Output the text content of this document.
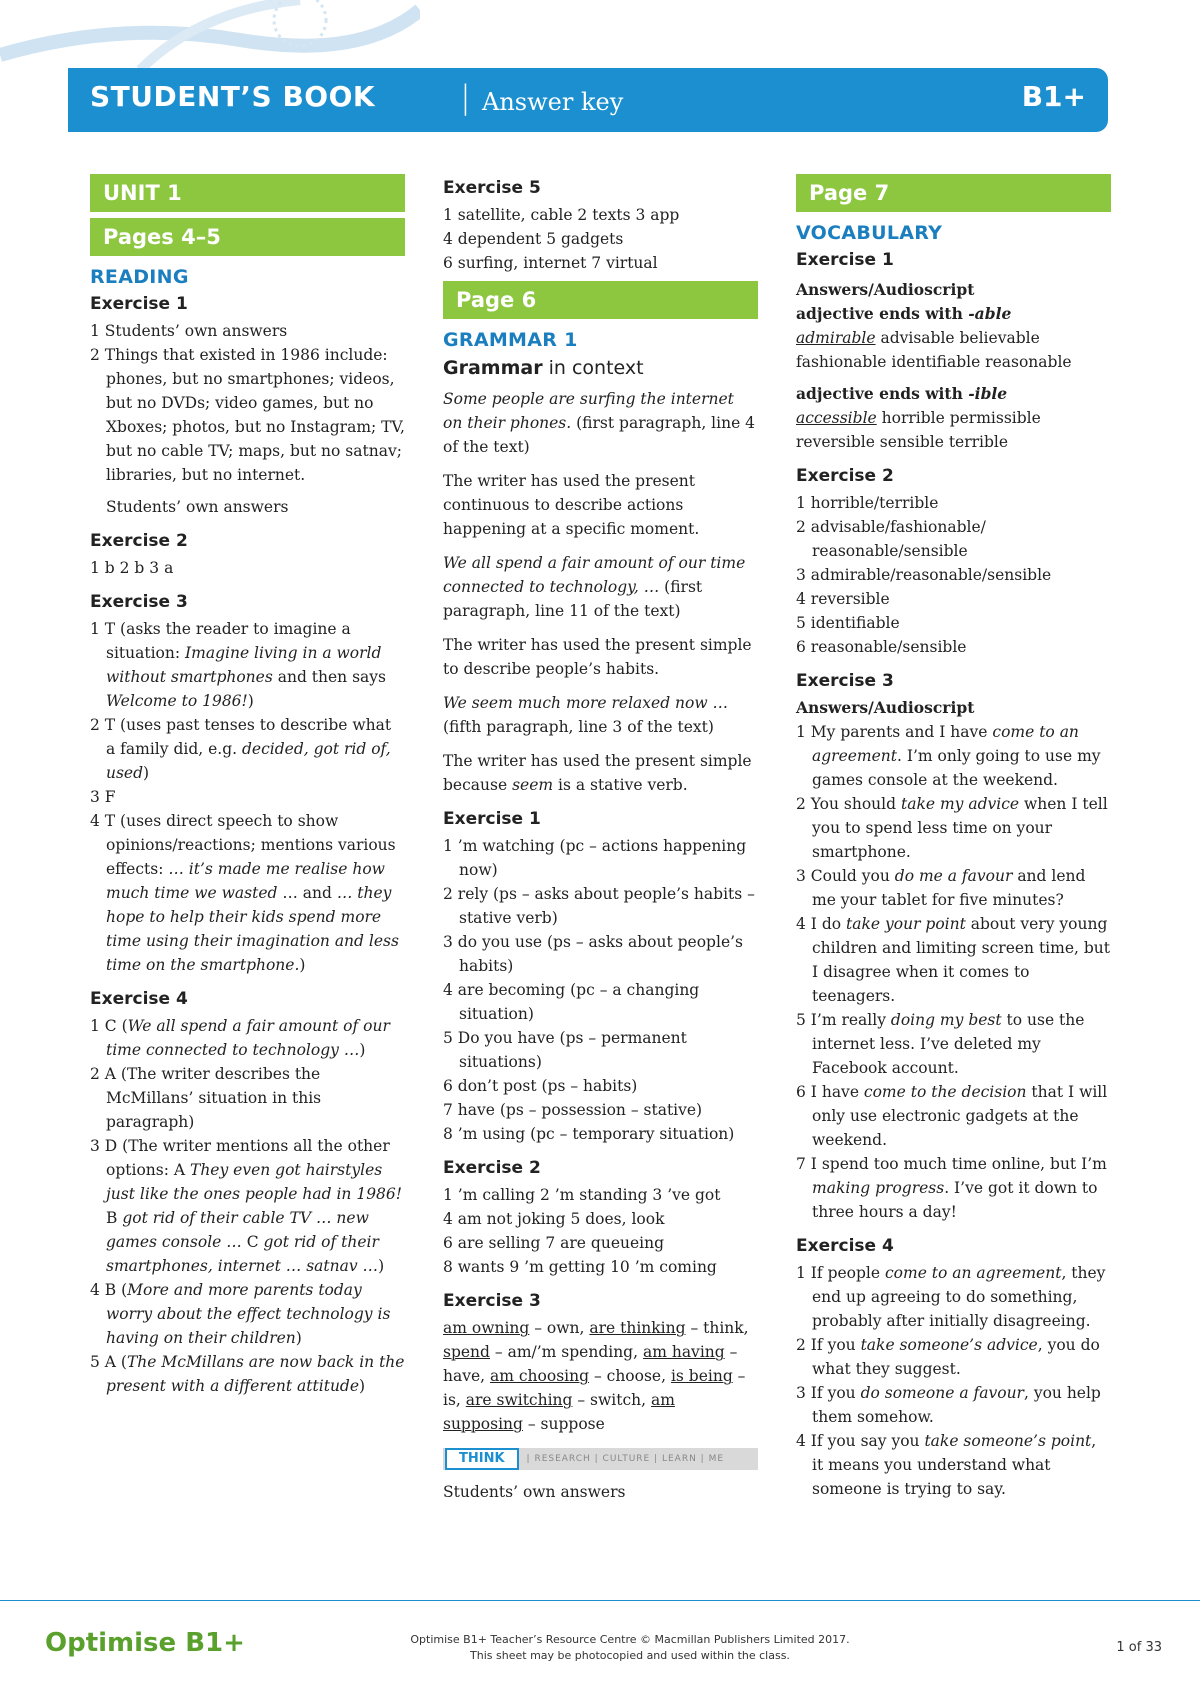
STUDENT’S BOOK	| Answer key	B1+
UNIT 1
Pages 4–5
READING
Exercise 1

1 Students’ own answers

2 Things that existed in 1986 include: phones, but no smartphones; videos, but no DVDs; video games, but no Xboxes; photos, but no Instagram; TV, but no cable TV; maps, but no satnav; libraries, but no internet.

Students’ own answers

Exercise 2

1 b 2 b 3 a

Exercise 3
1 T (asks the reader to imagine a situation: Imagine living in a world without smartphones and then says Welcome to 1986!)
2 T (uses past tenses to describe what a family did, e.g. decided, got rid of, used)
3 F
4 T (uses direct speech to show opinions/reactions; mentions various effects: … it’s made me realise how much time we wasted … and … they hope to help their kids spend more time using their imagination and less time on the smartphone.)
Exercise 4
1 C (We all spend a fair amount of our time connected to technology …)
2 A (The writer describes the McMillans’ situation in this paragraph)
3 D (The writer mentions all the other options: A They even got hairstyles just like the ones people had in 1986! B got rid of their cable TV … new games console … C got rid of their smartphones, internet … satnav …)
4 B (More and more parents today worry about the effect technology is having on their children)
5 A (The McMillans are now back in the present with a different attitude)
Exercise 5

1 satellite, cable 2 texts 3 app

4 dependent 5 gadgets

6 surfing, internet 7 virtual

Page 6
GRAMMAR 1
Grammar in context

Some people are surfing the internet on their phones. (first paragraph, line 4 of the text)

The writer has used the present continuous to describe actions happening at a specific moment.

We all spend a fair amount of our time connected to technology, … (first paragraph, line 11 of the text)

The writer has used the present simple to describe people’s habits.

We seem much more relaxed now … (fifth paragraph, line 3 of the text)

The writer has used the present simple because seem is a stative verb.

Exercise 1
1 ’m watching (pc – actions happening now)
2 rely (ps – asks about people’s habits – stative verb)
3 do you use (ps – asks about people’s habits)
4 are becoming (pc – a changing situation)
5 Do you have (ps – permanent situations)
6 don’t post (ps – habits)
7 have (ps – possession – stative)
8 ’m using (pc – temporary situation)
Exercise 2

1 ’m calling 2 ’m standing 3 ’ve got

4 am not joking 5 does, look

6 are selling 7 are queueing

8 wants 9 ’m getting 10 ’m coming

Exercise 3

am owning – own, are thinking – think, spend – am/’m spending, am having – have, am choosing – choose, is being – is, are switching – switch, am supposing – suppose

THINK	| RESEARCH | CULTURE | LEARN | ME

Students’ own answers

Page 7
VOCABULARY
Exercise 1

Answers/Audioscript

adjective ends with -able

admirable advisable believable fashionable identifiable reasonable

adjective ends with -ible

accessible horrible permissible reversible sensible terrible

Exercise 2
1 horrible/terrible
2 advisable/fashionable/ reasonable/sensible
3 admirable/reasonable/sensible
4 reversible
5 identifiable
6 reasonable/sensible
Exercise 3

Answers/Audioscript

1 My parents and I have come to an agreement. I’m only going to use my games console at the weekend.
2 You should take my advice when I tell you to spend less time on your smartphone.
3 Could you do me a favour and lend me your tablet for five minutes?
4 I do take your point about very young children and limiting screen time, but I disagree when it comes to teenagers.
5 I’m really doing my best to use the internet less. I’ve deleted my Facebook account.
6 I have come to the decision that I will only use electronic gadgets at the weekend.
7 I spend too much time online, but I’m making progress. I’ve got it down to three hours a day!
Exercise 4
1 If people come to an agreement, they end up agreeing to do something, probably after initially disagreeing.
2 If you take someone’s advice, you do what they suggest.
3 If you do someone a favour, you help them somehow.
4 If you say you take someone’s point, it means you understand what someone is trying to say.
Optimise B1+	Optimise B1+ Teacher’s Resource Centre © Macmillan Publishers Limited 2017.
This sheet may be photocopied and used within the class.
1 of 33
